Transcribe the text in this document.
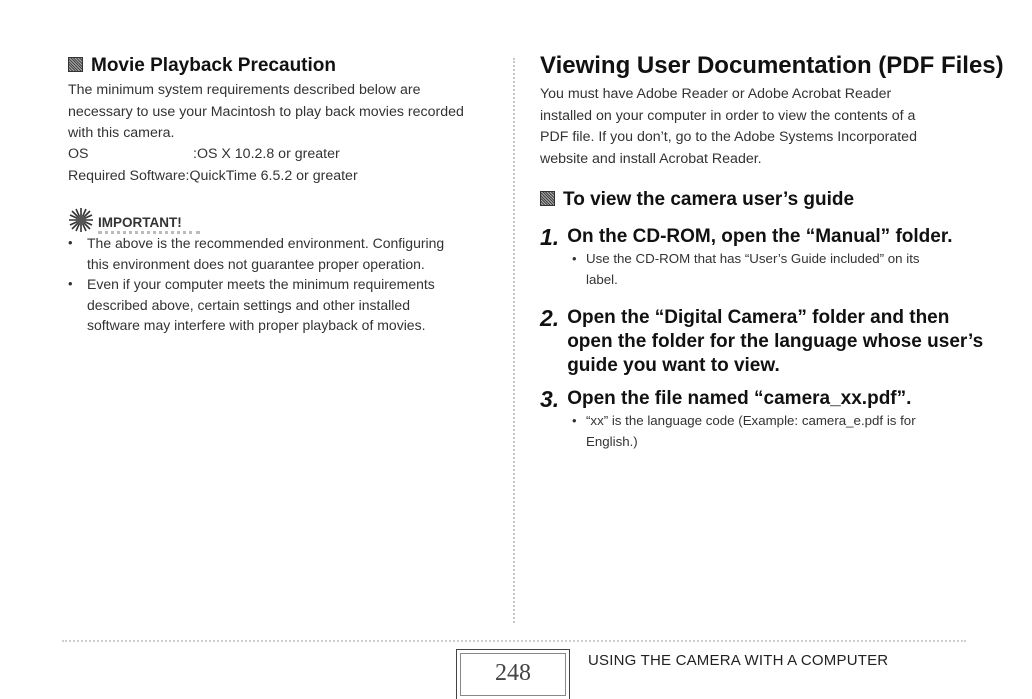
Movie Playback Precaution
The minimum system requirements described below are
necessary to use your Macintosh to play back movies recorded
with this camera.
OS	:OS X 10.2.8 or greater
Required Software:QuickTime 6.5.2 or greater
IMPORTANT!
• The above is the recommended environment. Configuring
this environment does not guarantee proper operation.
• Even if your computer meets the minimum requirements
described above, certain settings and other installed
software may interfere with proper playback of movies.
Viewing User Documentation (PDF Files)
You must have Adobe Reader or Adobe Acrobat Reader
installed on your computer in order to view the contents of a
PDF file. If you don’t, go to the Adobe Systems Incorporated
website and install Acrobat Reader.
To view the camera user’s guide
1. On the CD-ROM, open the “Manual” folder.
• Use the CD-ROM that has “User’s Guide included” on its
label.
2. Open the “Digital Camera” folder and then
open the folder for the language whose user’s
guide you want to view.
3. Open the file named “camera_xx.pdf”.
• “xx” is the language code (Example: camera_e.pdf is for
English.)
248	USING THE CAMERA WITH A COMPUTER
